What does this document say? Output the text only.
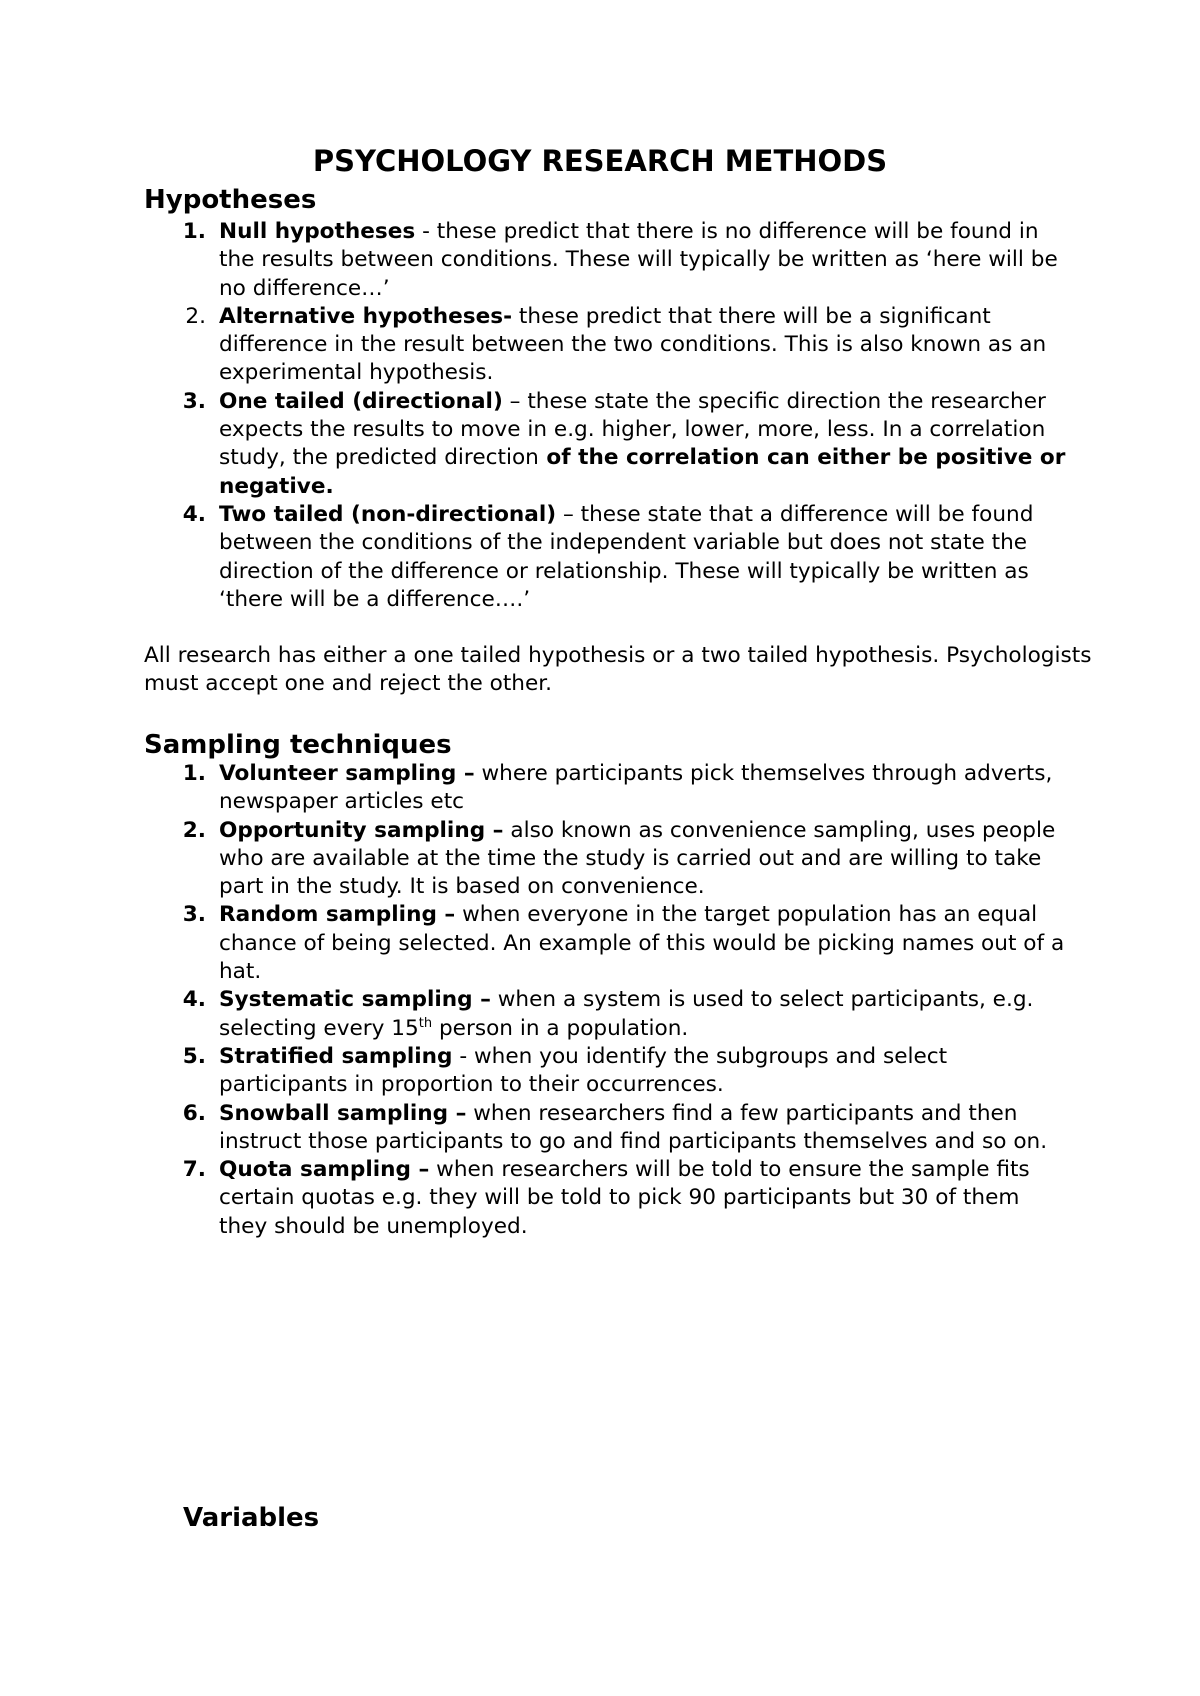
PSYCHOLOGY RESEARCH METHODS
Hypotheses
1. Null hypotheses - these predict that there is no difference will be found in the results between conditions. These will typically be written as ‘here will be no difference…’
2. Alternative hypotheses- these predict that there will be a significant difference in the result between the two conditions. This is also known as an experimental hypothesis.
3. One tailed (directional) – these state the specific direction the researcher expects the results to move in e.g. higher, lower, more, less. In a correlation study, the predicted direction of the correlation can either be positive or negative.
4. Two tailed (non-directional) – these state that a difference will be found between the conditions of the independent variable but does not state the direction of the difference or relationship. These will typically be written as ‘there will be a difference….’

All research has either a one tailed hypothesis or a two tailed hypothesis. Psychologists must accept one and reject the other.

Sampling techniques
1. Volunteer sampling – where participants pick themselves through adverts, newspaper articles etc
2. Opportunity sampling – also known as convenience sampling, uses people who are available at the time the study is carried out and are willing to take part in the study. It is based on convenience.
3. Random sampling – when everyone in the target population has an equal chance of being selected. An example of this would be picking names out of a hat.
4. Systematic sampling – when a system is used to select participants, e.g. selecting every 15th person in a population.
5. Stratified sampling - when you identify the subgroups and select participants in proportion to their occurrences.
6. Snowball sampling – when researchers find a few participants and then instruct those participants to go and find participants themselves and so on.
7. Quota sampling – when researchers will be told to ensure the sample fits certain quotas e.g. they will be told to pick 90 participants but 30 of them they should be unemployed.
Variables
